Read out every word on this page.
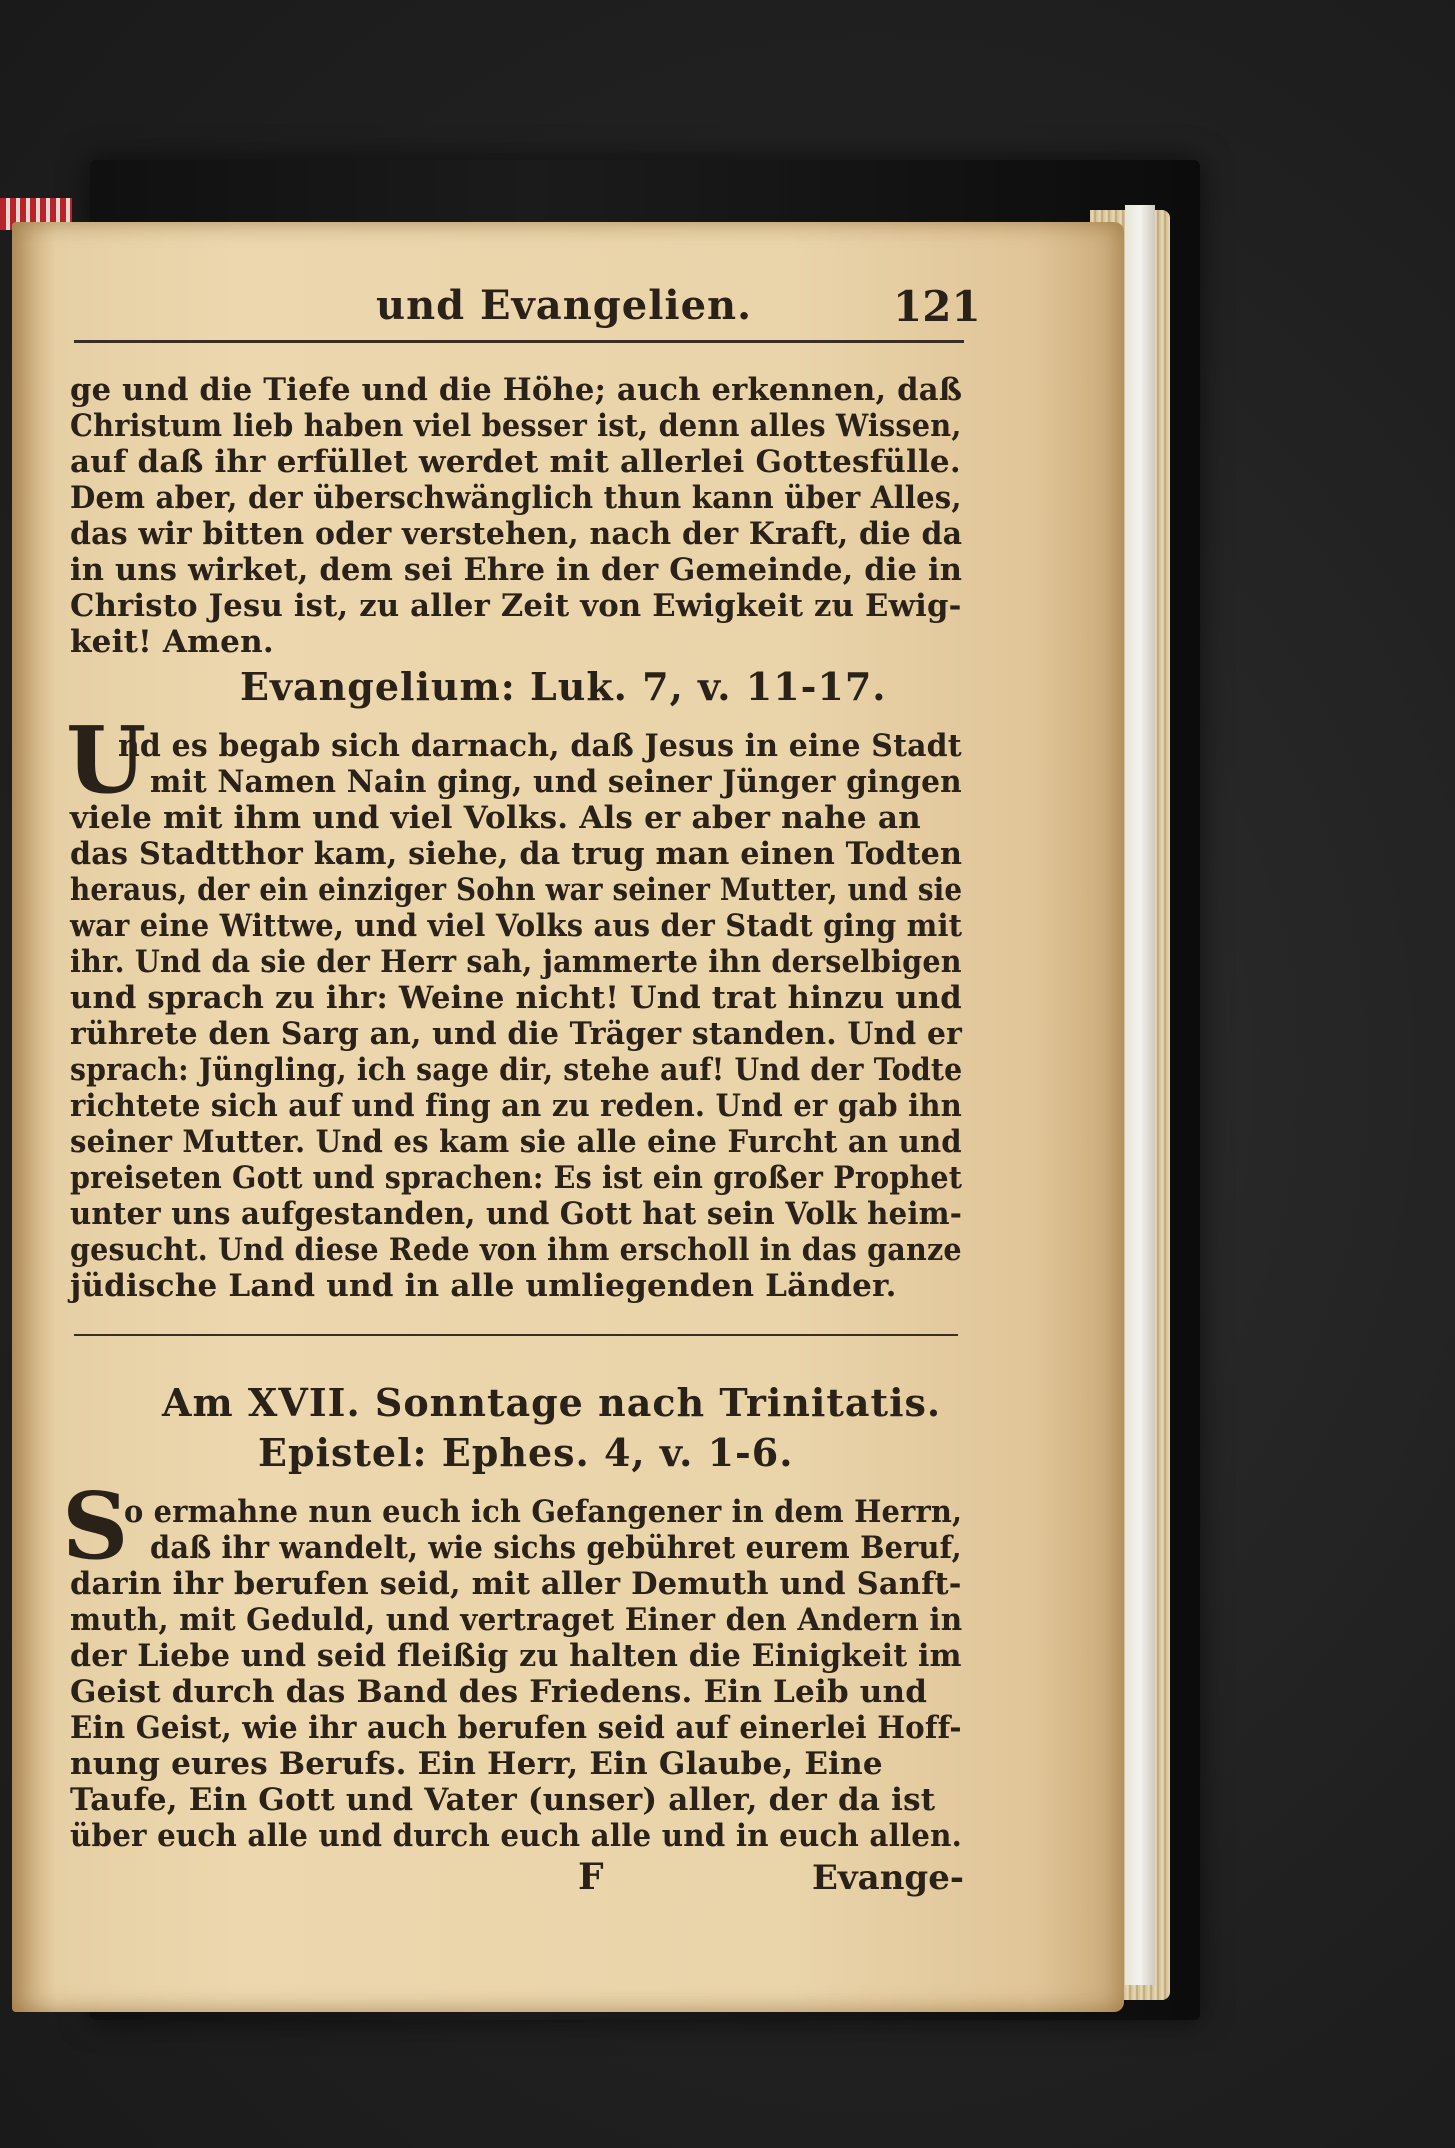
und Evangelien.	121
ge und die Tiefe und die Höhe; auch erkennen, daß
Christum lieb haben viel besser ist, denn alles Wissen,
auf daß ihr erfüllet werdet mit allerlei Gottesfülle.
Dem aber, der überschwänglich thun kann über Alles,
das wir bitten oder verstehen, nach der Kraft, die da
in uns wirket, dem sei Ehre in der Gemeinde, die in
Christo Jesu ist, zu aller Zeit von Ewigkeit zu Ewig-
keit! Amen.
Evangelium: Luk. 7, v. 11-17.
U
nd es begab sich darnach, daß Jesus in eine Stadt
mit Namen Nain ging, und seiner Jünger gingen
viele mit ihm und viel Volks. Als er aber nahe an
das Stadtthor kam, siehe, da trug man einen Todten
heraus, der ein einziger Sohn war seiner Mutter, und sie
war eine Wittwe, und viel Volks aus der Stadt ging mit
ihr. Und da sie der Herr sah, jammerte ihn derselbigen
und sprach zu ihr: Weine nicht! Und trat hinzu und
rührete den Sarg an, und die Träger standen. Und er
sprach: Jüngling, ich sage dir, stehe auf! Und der Todte
richtete sich auf und fing an zu reden. Und er gab ihn
seiner Mutter. Und es kam sie alle eine Furcht an und
preiseten Gott und sprachen: Es ist ein großer Prophet
unter uns aufgestanden, und Gott hat sein Volk heim-
gesucht. Und diese Rede von ihm erscholl in das ganze
jüdische Land und in alle umliegenden Länder.
Am XVII. Sonntage nach Trinitatis.
Epistel: Ephes. 4, v. 1-6.
S
o ermahne nun euch ich Gefangener in dem Herrn,
daß ihr wandelt, wie sichs gebühret eurem Beruf,
darin ihr berufen seid, mit aller Demuth und Sanft-
muth, mit Geduld, und vertraget Einer den Andern in
der Liebe und seid fleißig zu halten die Einigkeit im
Geist durch das Band des Friedens. Ein Leib und
Ein Geist, wie ihr auch berufen seid auf einerlei Hoff-
nung eures Berufs. Ein Herr, Ein Glaube, Eine
Taufe, Ein Gott und Vater (unser) aller, der da ist
über euch alle und durch euch alle und in euch allen.
F	Evange-
